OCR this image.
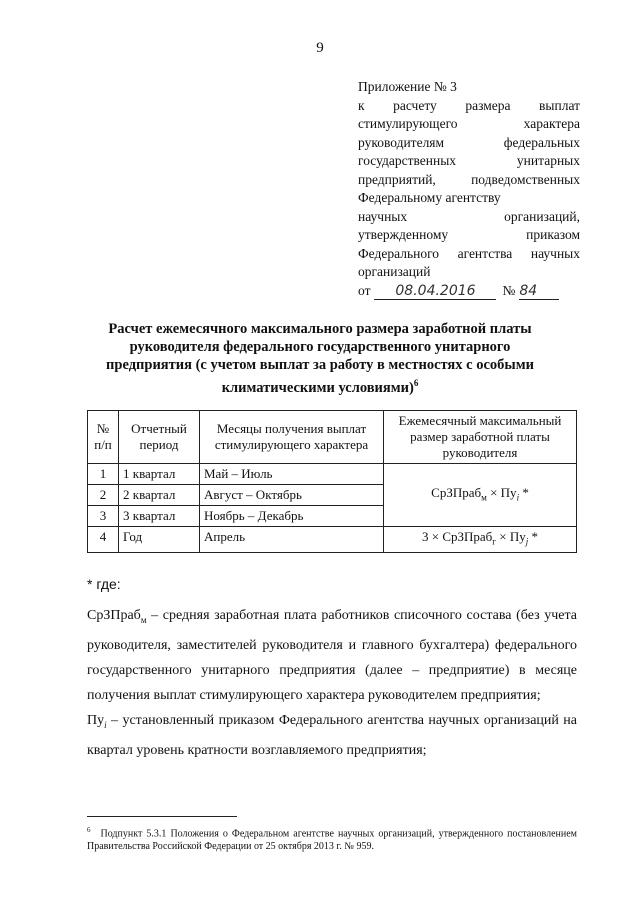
9
Приложение № 3
к расчету размера выплат
стимулирующего характера
руководителям федеральных
государственных унитарных
предприятий, подведомственных
Федеральному агентству
научных организаций,
утвержденному приказом
Федерального агентства научных
организаций
от	08.04.2016	№ 84
Расчет ежемесячного максимального размера заработной платы руководителя федерального государственного унитарного предприятия (с учетом выплат за работу в местностях с особыми климатическими условиями)$^6$
№ п/п	Отчетный период	Месяцы получения выплат стимулирующего характера	Ежемесячный максимальный размер заработной платы руководителя
1	1 квартал	Май – Июль	СрЗПраб$_м$ × $Пу_i$ *
2	2 квартал	Август – Октябрь	
3	3 квартал	Ноябрь – Декабрь	
4	Год	Апрель	3 × СрЗПраб$_г$ × $Пу_j$ *

* где:

СрЗПраб$_м$ – средняя заработная плата работников списочного состава (без учета руководителя, заместителей руководителя и главного бухгалтера) федерального государственного унитарного предприятия (далее – предприятие) в месяце получения выплат стимулирующего характера руководителем предприятия;

$Пу_i$ – установленный приказом Федерального агентства научных организаций на квартал уровень кратности возглавляемого предприятия;

$^6$ Подпункт 5.3.1 Положения о Федеральном агентстве научных организаций, утвержденного постановлением Правительства Российской Федерации от 25 октября 2013 г. № 959.
